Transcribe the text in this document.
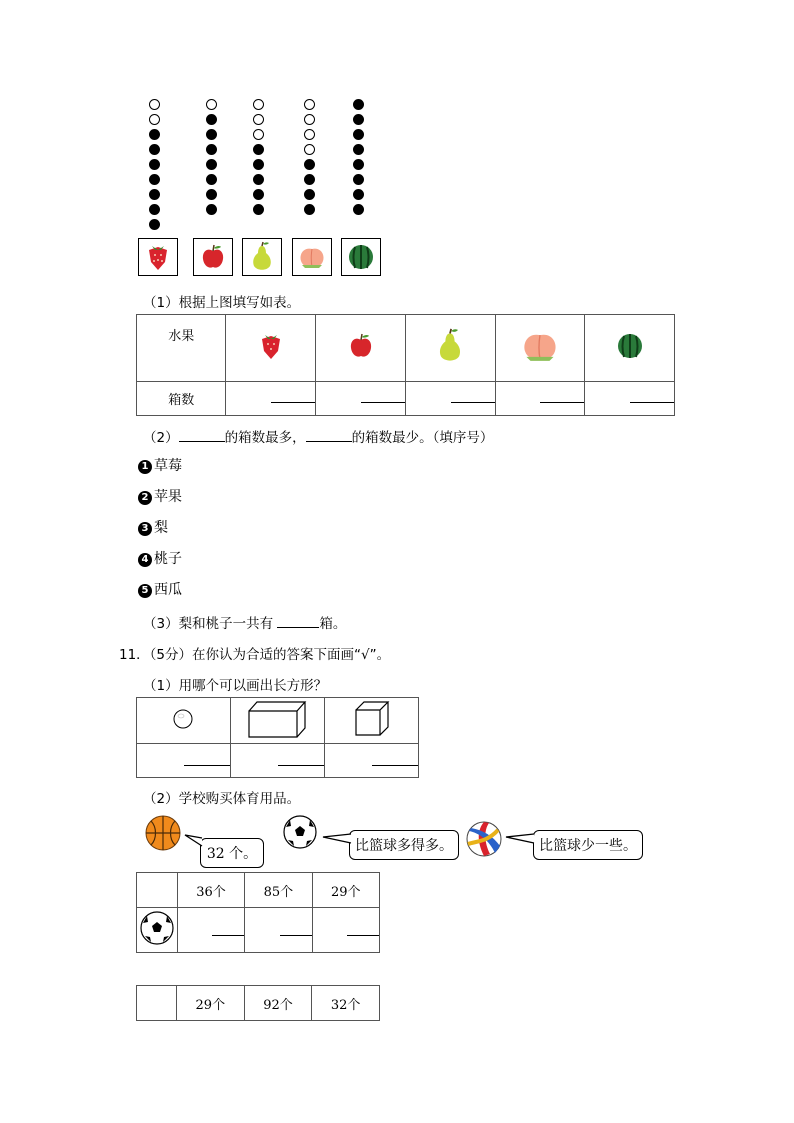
（1）根据上图填写如表。
水果					
箱数					
（2）	的箱数最多，	的箱数最少。（填序号）
1 草莓
2 苹果
3 梨
4 桃子
5 西瓜
（3）梨和桃子一共有	箱。
11．（5分）在你认为合适的答案下面画“√”。
（1）用哪个可以画出长方形？

（2）学校购买体育用品。
32 个。	比篮球多得多。	比篮球少一些。
	36个	85个	29个

	29个	92个	32个
